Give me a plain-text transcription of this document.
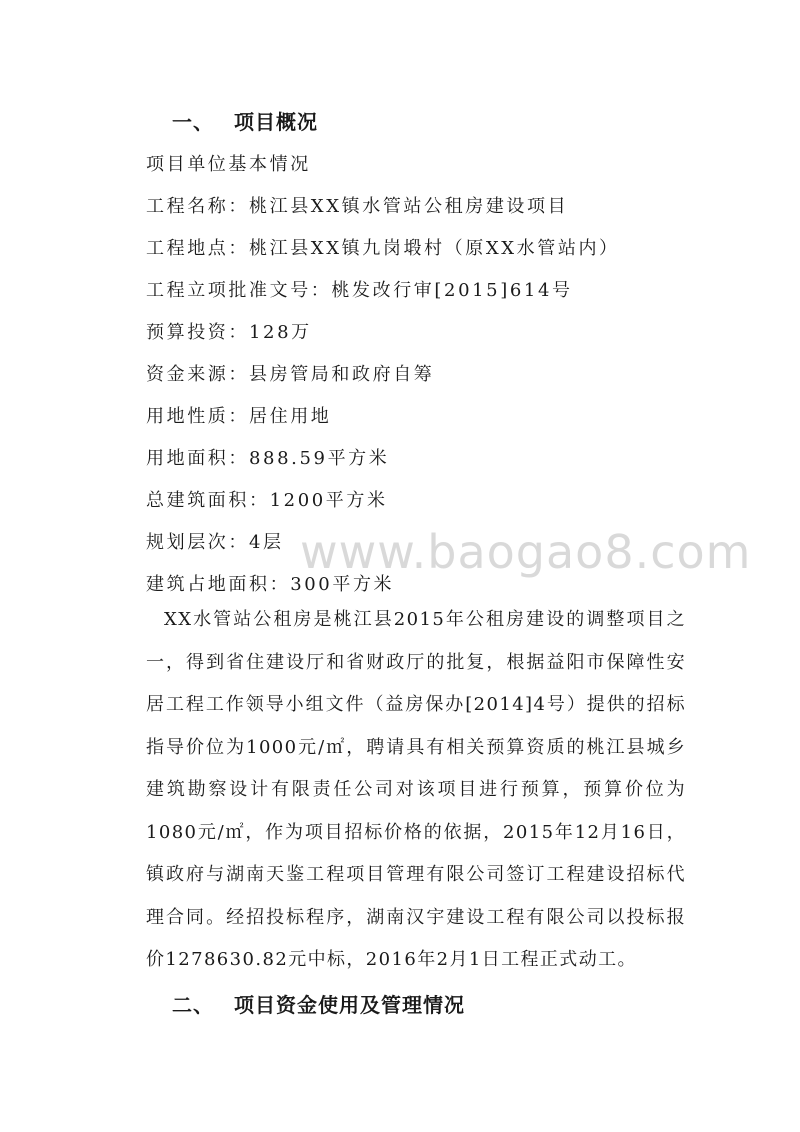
一、 项目概况
项目单位基本情况
工程名称：桃江县XX镇水管站公租房建设项目
工程地点：桃江县XX镇九岗塅村（原XX水管站内）
工程立项批准文号：桃发改行审[2015]614号
预算投资：128万
资金来源：县房管局和政府自筹
用地性质：居住用地
用地面积：888.59平方米
总建筑面积：1200平方米
规划层次：4层
建筑占地面积：300平方米
XX水管站公租房是桃江县2015年公租房建设的调整项目之一，得到省住建设厅和省财政厅的批复，根据益阳市保障性安居工程工作领导小组文件（益房保办[2014]4号）提供的招标指导价位为1000元/㎡，聘请具有相关预算资质的桃江县城乡建筑勘察设计有限责任公司对该项目进行预算，预算价位为1080元/㎡，作为项目招标价格的依据，2015年12月16日，镇政府与湖南天鉴工程项目管理有限公司签订工程建设招标代理合同。经招投标程序，湖南汉宇建设工程有限公司以投标报价1278630.82元中标，2016年2月1日工程正式动工。
二、 项目资金使用及管理情况
www.baogao8.com
